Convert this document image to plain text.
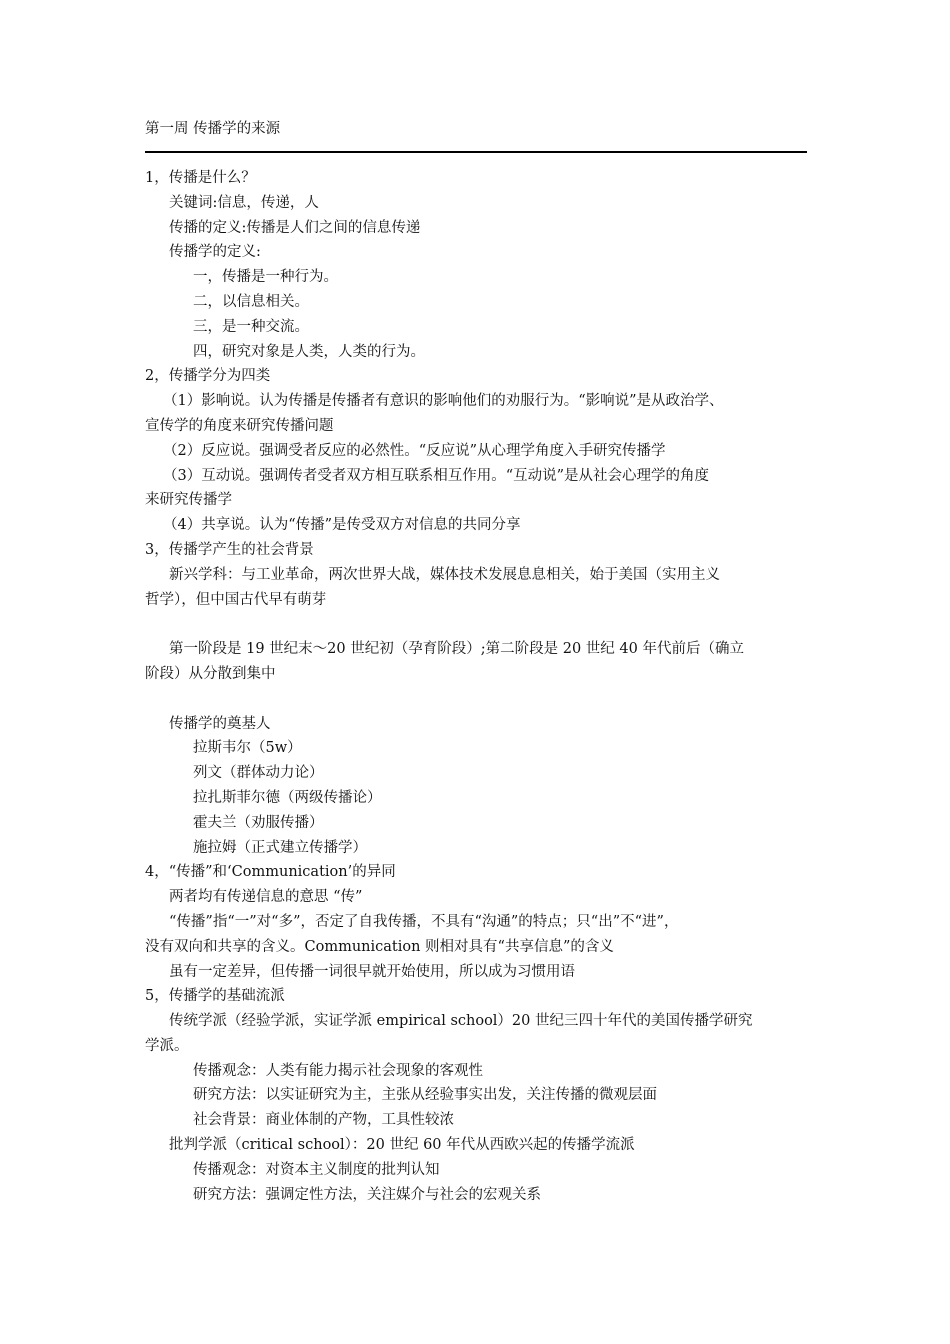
第一周 传播学的来源
1，传播是什么？
关键词:信息，传递，人
传播的定义:传播是人们之间的信息传递
传播学的定义:
一，传播是一种行为。
二，以信息相关。
三，是一种交流。
四，研究对象是人类，人类的行为。
2，传播学分为四类
（1）影响说。认为传播是传播者有意识的影响他们的劝服行为。“影响说”是从政治学、
宣传学的角度来研究传播问题
（2）反应说。强调受者反应的必然性。“反应说”从心理学角度入手研究传播学
（3）互动说。强调传者受者双方相互联系相互作用。“互动说”是从社会心理学的角度
来研究传播学
（4）共享说。认为“传播”是传受双方对信息的共同分享
3，传播学产生的社会背景
新兴学科：与工业革命，两次世界大战，媒体技术发展息息相关，始于美国（实用主义
哲学），但中国古代早有萌芽
第一阶段是 19 世纪末～20 世纪初（孕育阶段）;第二阶段是 20 世纪 40 年代前后（确立
阶段）从分散到集中
传播学的奠基人
拉斯韦尔（5w）
列文（群体动力论）
拉扎斯菲尔德（两级传播论）
霍夫兰（劝服传播）
施拉姆（正式建立传播学）
4，“传播”和‘Communication’的异同
两者均有传递信息的意思 “传”
“传播”指“一”对“多”，否定了自我传播，不具有“沟通”的特点；只“出”不“进”，
没有双向和共享的含义。Communication 则相对具有“共享信息”的含义
虽有一定差异，但传播一词很早就开始使用，所以成为习惯用语
5，传播学的基础流派
传统学派（经验学派，实证学派 empirical school）20 世纪三四十年代的美国传播学研究
学派。
传播观念：人类有能力揭示社会现象的客观性
研究方法：以实证研究为主，主张从经验事实出发，关注传播的微观层面
社会背景：商业体制的产物，工具性较浓
批判学派（critical school）：20 世纪 60 年代从西欧兴起的传播学流派
传播观念：对资本主义制度的批判认知
研究方法：强调定性方法，关注媒介与社会的宏观关系
